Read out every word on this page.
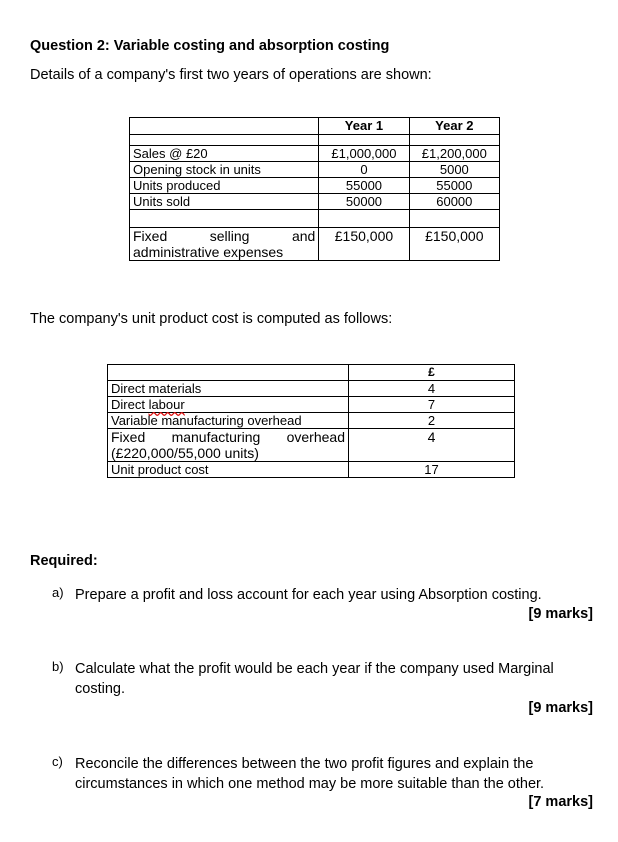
Question 2: Variable costing and absorption costing
Details of a company's first two years of operations are shown:
	Year 1	Year 2

Sales @ £20	£1,000,000	£1,200,000
Opening stock in units	0	5000
Units produced	55000	55000
Units sold	50000	60000

Fixed selling and
administrative expenses	£150,000	£150,000
The company's unit product cost is computed as follows:
	£
Direct materials	4
Direct labour	7
Variable manufacturing overhead	2

Fixed manufacturing overhead
(£220,000/55,000 units)	4
Unit product cost	17
Required:
a) Prepare a profit and loss account for each year using Absorption costing.
[9 marks]
b) Calculate what the profit would be each year if the company used Marginal costing.
[9 marks]
c) Reconcile the differences between the two profit figures and explain the circumstances in which one method may be more suitable than the other.
[7 marks]
